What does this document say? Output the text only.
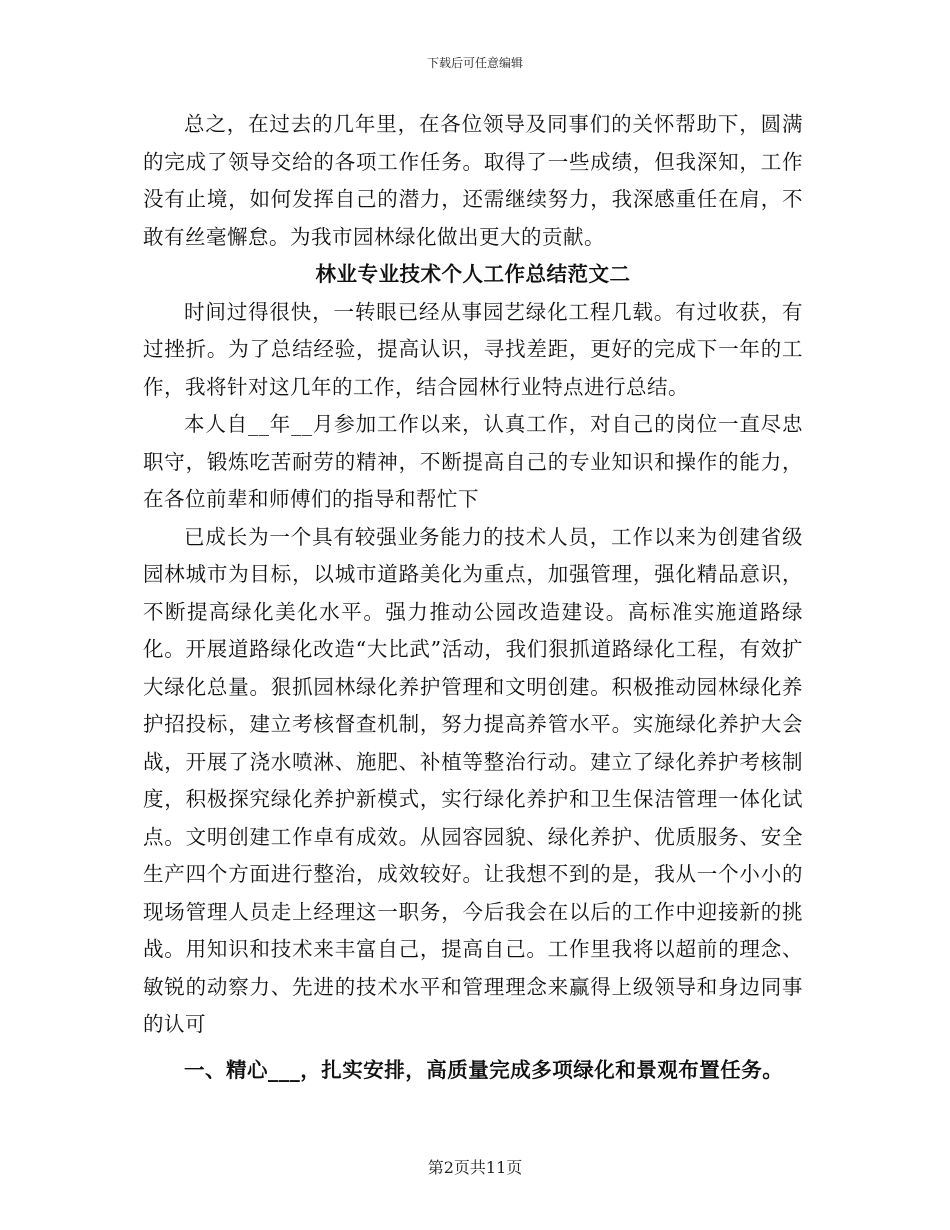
下载后可任意编辑

总之，在过去的几年里，在各位领导及同事们的关怀帮助下，圆满的完成了领导交给的各项工作任务。取得了一些成绩，但我深知，工作没有止境，如何发挥自己的潜力，还需继续努力，我深感重任在肩，不敢有丝毫懈怠。为我市园林绿化做出更大的贡献。

林业专业技术个人工作总结范文二

时间过得很快，一转眼已经从事园艺绿化工程几载。有过收获，有过挫折。为了总结经验，提高认识，寻找差距，更好的完成下一年的工作，我将针对这几年的工作，结合园林行业特点进行总结。

本人自__年__月参加工作以来，认真工作，对自己的岗位一直尽忠职守，锻炼吃苦耐劳的精神，不断提高自己的专业知识和操作的能力，在各位前辈和师傅们的指导和帮忙下

已成长为一个具有较强业务能力的技术人员，工作以来为创建省级园林城市为目标，以城市道路美化为重点，加强管理，强化精品意识，不断提高绿化美化水平。强力推动公园改造建设。高标准实施道路绿化。开展道路绿化改造“大比武”活动，我们狠抓道路绿化工程，有效扩大绿化总量。狠抓园林绿化养护管理和文明创建。积极推动园林绿化养护招投标，建立考核督查机制，努力提高养管水平。实施绿化养护大会战，开展了浇水喷淋、施肥、补植等整治行动。建立了绿化养护考核制度，积极探究绿化养护新模式，实行绿化养护和卫生保洁管理一体化试点。文明创建工作卓有成效。从园容园貌、绿化养护、优质服务、安全生产四个方面进行整治，成效较好。让我想不到的是，我从一个小小的现场管理人员走上经理这一职务，今后我会在以后的工作中迎接新的挑战。用知识和技术来丰富自己，提高自己。工作里我将以超前的理念、敏锐的动察力、先进的技术水平和管理理念来赢得上级领导和身边同事的认可

一、精心___，扎实安排，高质量完成多项绿化和景观布置任务。

第2页共11页
